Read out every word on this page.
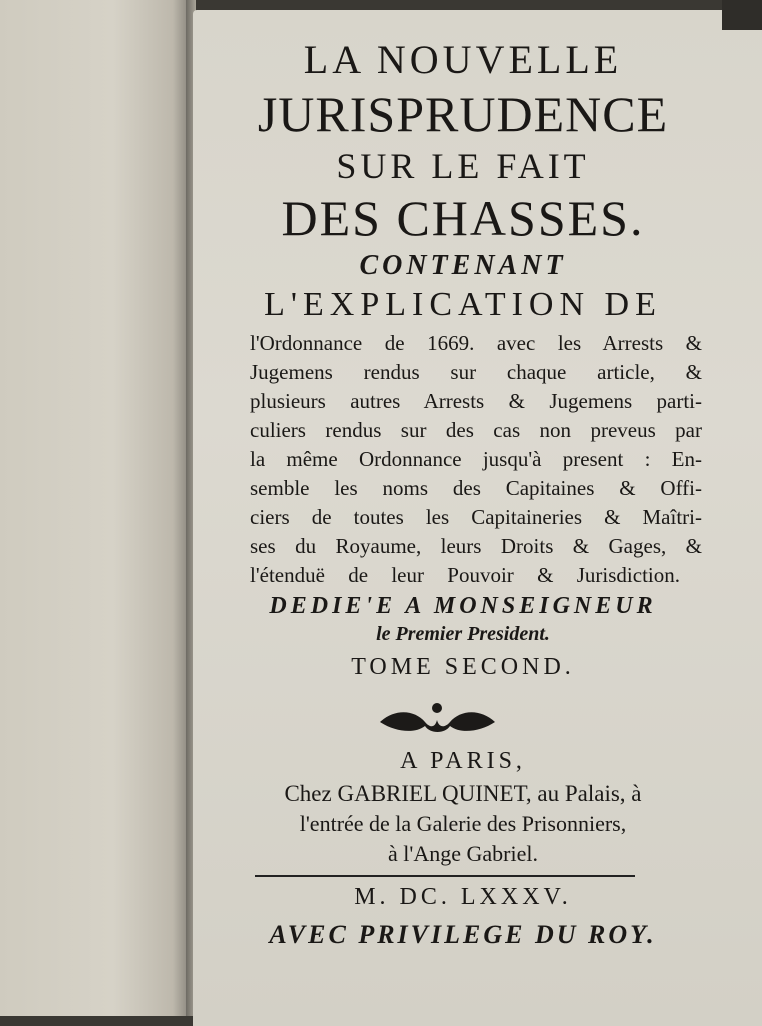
LA NOUVELLE
JURISPRUDENCE
SUR LE FAIT
DES CHASSES.
CONTENANT
L'EXPLICATION DE
l'Ordonnance de 1669. avec les Arrests &
Jugemens rendus sur chaque article, &
plusieurs autres Arrests & Jugemens parti-
culiers rendus sur des cas non preveus par
la même Ordonnance jusqu'à present : En-
semble les noms des Capitaines & Offi-
ciers de toutes les Capitaineries & Maîtri-
ses du Royaume, leurs Droits & Gages, &
l'étenduë de leur Pouvoir & Jurisdiction.
DEDIE'E A MONSEIGNEUR
le Premier President.
TOME SECOND.
A PARIS,
Chez GABRIEL QUINET, au Palais, à
l'entrée de la Galerie des Prisonniers,
à l'Ange Gabriel.
M. DC. LXXXV.
AVEC PRIVILEGE DU ROY.
